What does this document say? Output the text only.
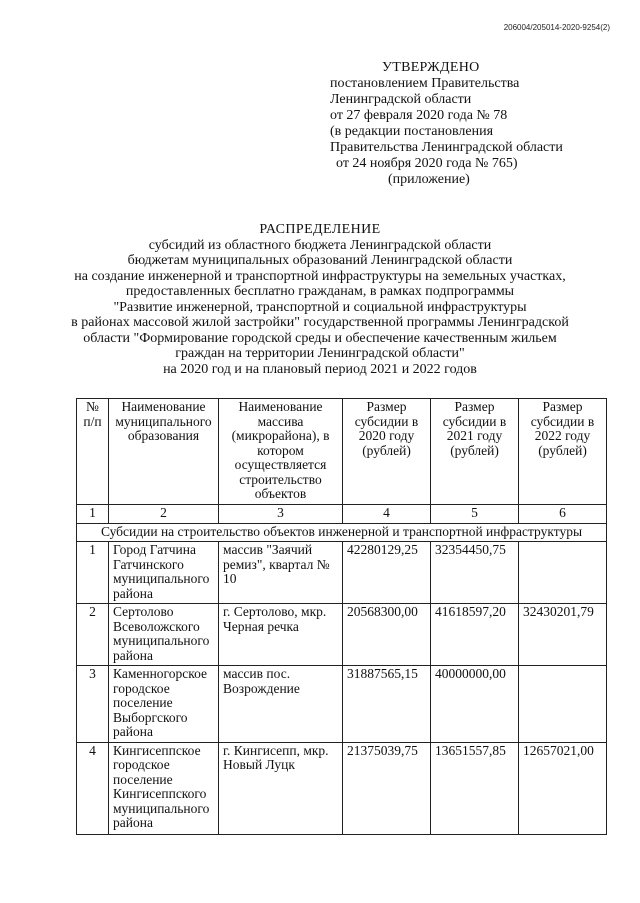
206004/205014-2020-9254(2)
УТВЕРЖДЕНО
постановлением Правительства
Ленинградской области
от 27 февраля 2020 года № 78
(в редакции постановления
Правительства Ленинградской области
от 24 ноября 2020 года № 765)
(приложение)
РАСПРЕДЕЛЕНИЕ
субсидий из областного бюджета Ленинградской области
бюджетам муниципальных образований Ленинградской области
на создание инженерной и транспортной инфраструктуры на земельных участках,
предоставленных бесплатно гражданам, в рамках подпрограммы
"Развитие инженерной, транспортной и социальной инфраструктуры
в районах массовой жилой застройки" государственной программы Ленинградской
области "Формирование городской среды и обеспечение качественным жильем
граждан на территории Ленинградской области"
на 2020 год и на плановый период 2021 и 2022 годов
№ п/п	Наименование муниципального образования	Наименование массива (микрорайона), в котором осуществляется строительство объектов	Размер субсидии в 2020 году (рублей)	Размер субсидии в 2021 году (рублей)	Размер субсидии в 2022 году (рублей)
1	2	3	4	5	6
Субсидии на строительство объектов инженерной и транспортной инфраструктуры					
1	Город Гатчина Гатчинского муниципального района	массив "Заячий ремиз", квартал № 10	42280129,25	32354450,75	
2	Сертолово Всеволожского муниципального района	г. Сертолово, мкр. Черная речка	20568300,00	41618597,20	32430201,79
3	Каменногорское городское поселение Выборгского района	массив пос. Возрождение	31887565,15	40000000,00	
4	Кингисеппское городское поселение Кингисеппского муниципального района	г. Кингисепп, мкр. Новый Луцк	21375039,75	13651557,85	12657021,00
